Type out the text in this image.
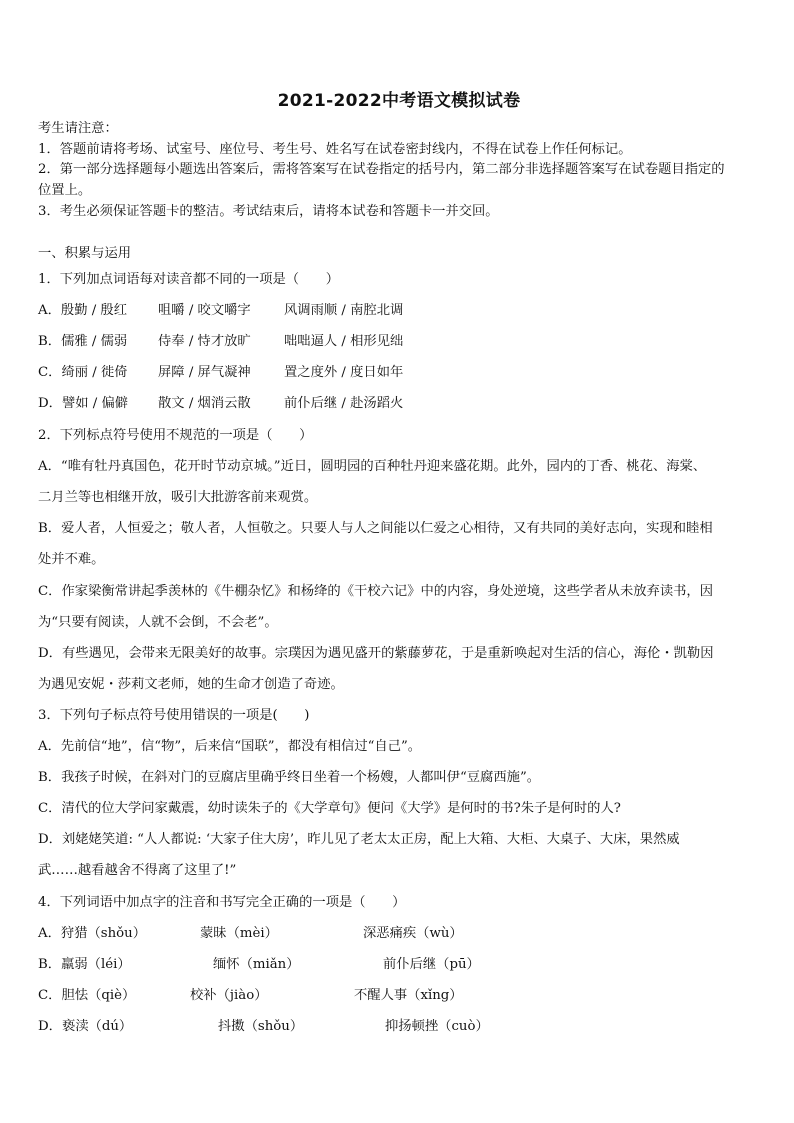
2021-2022中考语文模拟试卷
考生请注意：
1．答题前请将考场、试室号、座位号、考生号、姓名写在试卷密封线内，不得在试卷上作任何标记。
2．第一部分选择题每小题选出答案后，需将答案写在试卷指定的括号内，第二部分非选择题答案写在试卷题目指定的
位置上。
3．考生必须保证答题卡的整洁。考试结束后，请将本试卷和答题卡一并交回。
一、积累与运用
1．下列加点词语每对读音都不同的一项是（　　）
A．殷勤 / 殷红 咀嚼 / 咬文嚼字	风调雨顺 / 南腔北调
B．儒雅 / 儒弱 侍奉 / 恃才放旷	咄咄逼人 / 相形见绌
C．绮丽 / 徙倚 屏障 / 屏气凝神	置之度外 / 度日如年
D．譬如 / 偏僻 散文 / 烟消云散	前仆后继 / 赴汤蹈火
2．下列标点符号使用不规范的一项是（　　）
A．“唯有牡丹真国色，花开时节动京城。”近日，圆明园的百种牡丹迎来盛花期。此外，园内的丁香、桃花、海棠、
二月兰等也相继开放，吸引大批游客前来观赏。
B．爱人者，人恒爱之；敬人者，人恒敬之。只要人与人之间能以仁爱之心相待，又有共同的美好志向，实现和睦相
处并不难。
C．作家梁衡常讲起季羡林的《牛棚杂忆》和杨绛的《干校六记》中的内容，身处逆境，这些学者从未放弃读书，因
为“只要有阅读，人就不会倒，不会老”。
D．有些遇见，会带来无限美好的故事。宗璞因为遇见盛开的紫藤萝花，于是重新唤起对生活的信心，海伦・凯勒因
为遇见安妮・莎莉文老师，她的生命才创造了奇迹。
3．下列句子标点符号使用错误的一项是(　　)
A．先前信“地”，信“物”，后来信“国联”，都没有相信过“自己”。
B．我孩子时候，在斜对门的豆腐店里确乎终日坐着一个杨嫂，人都叫伊“豆腐西施”。
C．清代的位大学问家戴震，幼时读朱子的《大学章句》便问《大学》是何时的书?朱子是何时的人?
D．刘姥姥笑道: “人人都说: ‘大家子住大房’，昨儿见了老太太正房，配上大箱、大柜、大桌子、大床，果然威
武……越看越舍不得离了这里了!”
4．下列词语中加点字的注音和书写完全正确的一项是（　　）
A．狩猎（shǒu）	蒙昧（mèi）	深恶痛疾（wù）
B．羸弱（léi）	缅怀（miǎn）	前仆后继（pū）
C．胆怯（qiè）	校补（jiào）	不醒人事（xǐng）
D．亵渎（dú）	抖擞（shǒu）	抑扬顿挫（cuò）
